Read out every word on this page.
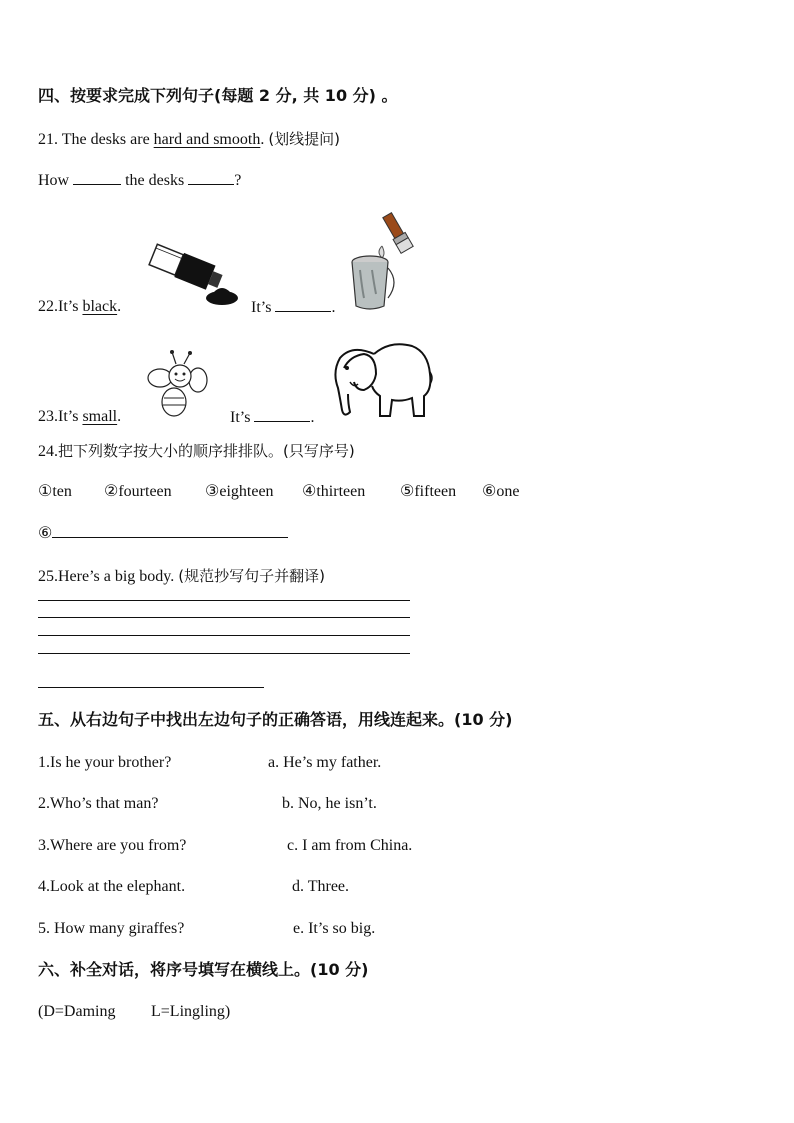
四、按要求完成下列句子(每题 2 分, 共 10 分) 。
21. The desks are hard and smooth. (划线提问)
How	the desks	?
22.It’s black.	It’s	.
23.It’s small.	It’s	.
24.把下列数字按大小的顺序排排队。(只写序号)
①ten ②fourteen ③eighteen ④thirteen ⑤fifteen ⑥one
⑥
25.Here’s a big body. (规范抄写句子并翻译)
五、从右边句子中找出左边句子的正确答语，用线连起来。(10 分)
1.Is he your brother?	a. He’s my father.
2.Who’s that man?	b. No, he isn’t.
3.Where are you from?	c. I am from China.
4.Look at the elephant.	d. Three.
5. How many giraffes?	e. It’s so big.
六、补全对话，将序号填写在横线上。(10 分)
(D=Daming L=Lingling)
